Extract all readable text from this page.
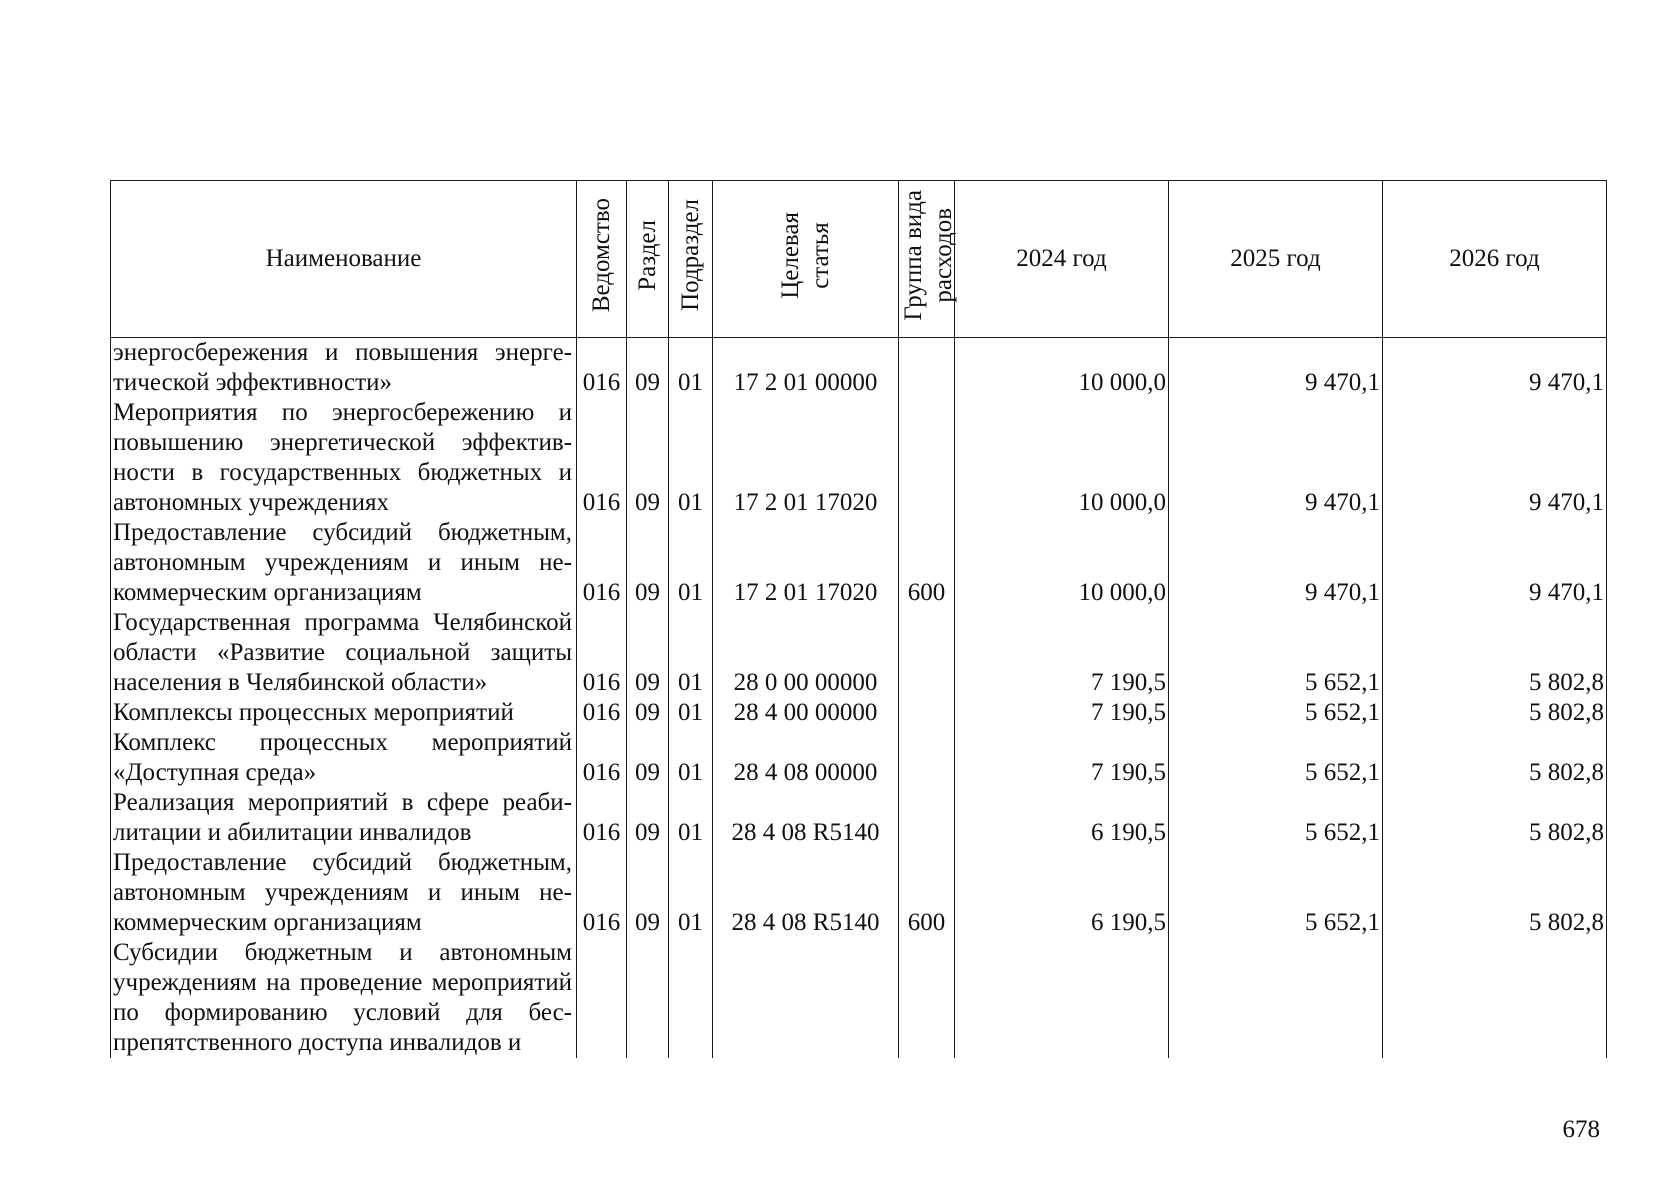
Наименование	Ведомство	Раздел	Подраздел	Целевая статья	Группа вида расходов	2024 год	2025 год	2026 год
энергосбережения и повышения энергетической эффективности»	016	09	01	17 2 01 00000		10 000,0	9 470,1	9 470,1
Мероприятия по энергосбережению и повышению энергетической эффективности в государственных бюджетных и автономных учреждениях	016	09	01	17 2 01 17020		10 000,0	9 470,1	9 470,1
Предоставление субсидий бюджетным, автономным учреждениям и иным некоммерческим организациям	016	09	01	17 2 01 17020	600	10 000,0	9 470,1	9 470,1
Государственная программа Челябинской области «Развитие социальной защиты населения в Челябинской области»	016	09	01	28 0 00 00000		7 190,5	5 652,1	5 802,8
Комплексы процессных мероприятий	016	09	01	28 4 00 00000		7 190,5	5 652,1	5 802,8
Комплекс процессных мероприятий «Доступная среда»	016	09	01	28 4 08 00000		7 190,5	5 652,1	5 802,8
Реализация мероприятий в сфере реабилитации и абилитации инвалидов	016	09	01	28 4 08 R5140		6 190,5	5 652,1	5 802,8
Предоставление субсидий бюджетным, автономным учреждениям и иным некоммерческим организациям	016	09	01	28 4 08 R5140	600	6 190,5	5 652,1	5 802,8
Субсидии бюджетным и автономным учреждениям на проведение мероприятий по формированию условий для беспрепятственного доступа инвалидов и								
678
